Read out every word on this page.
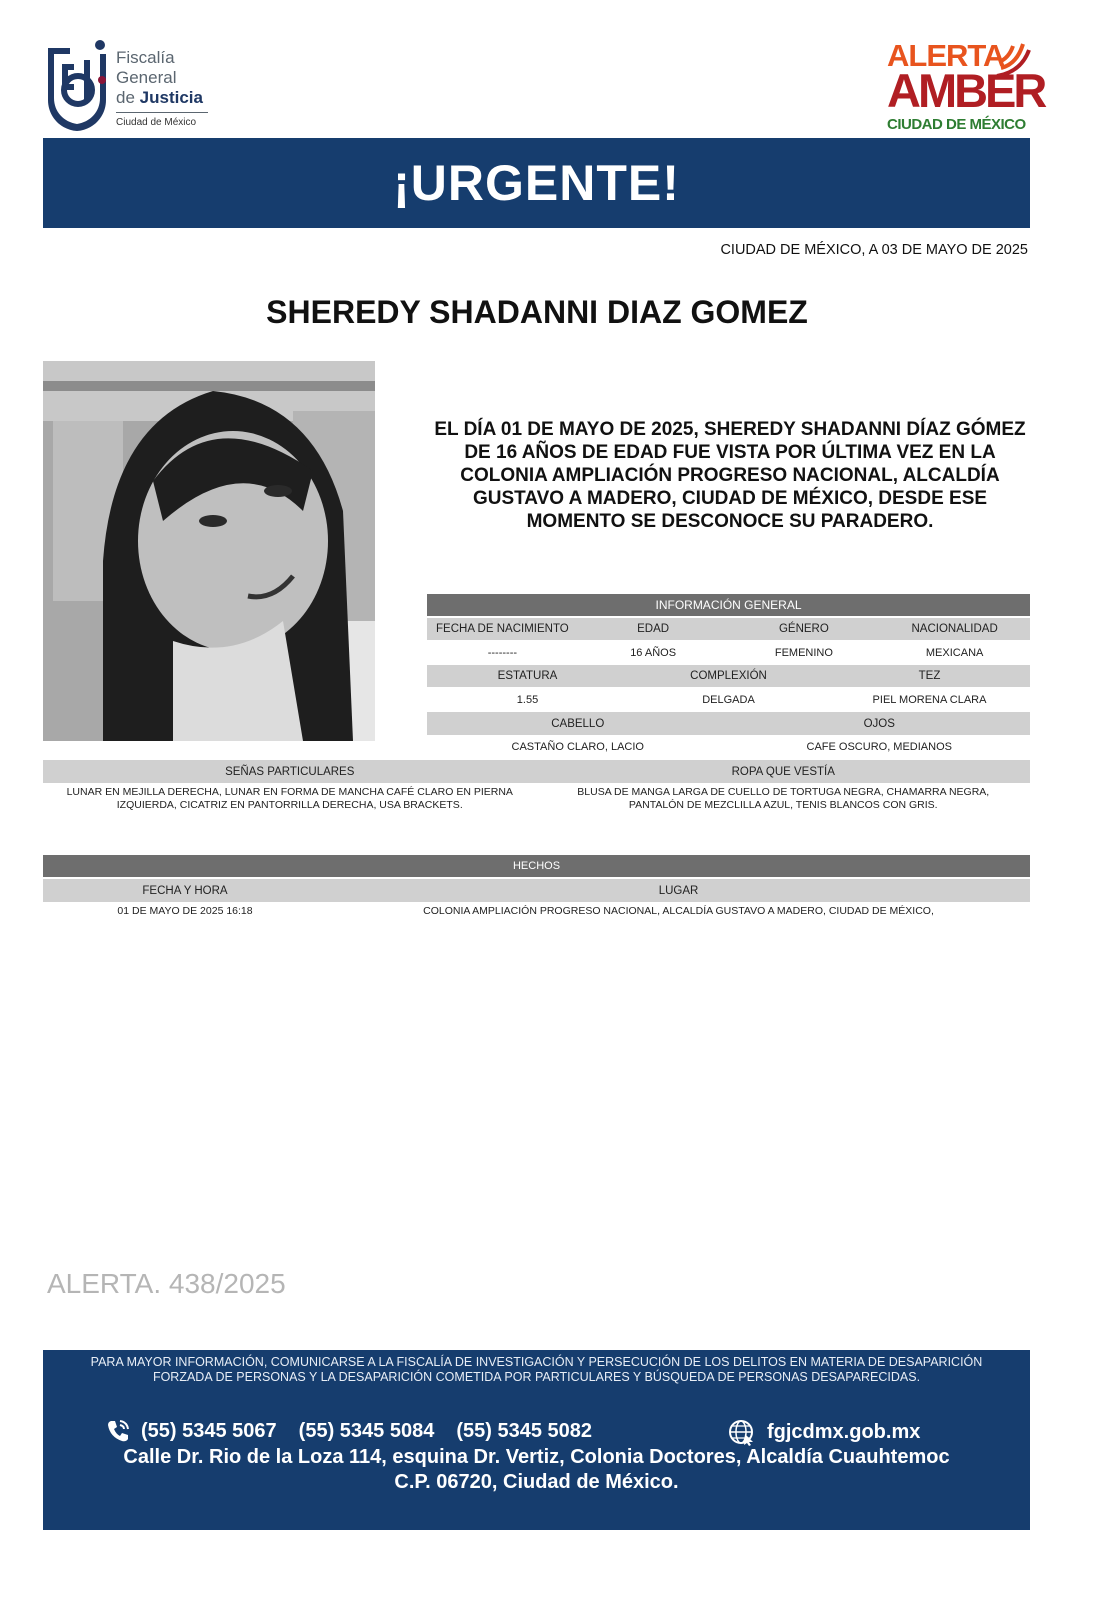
Fiscalía
General
de Justicia
Ciudad de México
ALERTA
AMBER
CIUDAD DE MÉXICO
¡URGENTE!
CIUDAD DE MÉXICO, A 03 DE MAYO DE 2025
SHEREDY SHADANNI DIAZ GOMEZ
EL DÍA 01 DE MAYO DE 2025, SHEREDY SHADANNI DÍAZ GÓMEZ DE 16 AÑOS DE EDAD FUE VISTA POR ÚLTIMA VEZ EN LA COLONIA AMPLIACIÓN PROGRESO NACIONAL, ALCALDÍA GUSTAVO A MADERO, CIUDAD DE MÉXICO, DESDE ESE MOMENTO SE DESCONOCE SU PARADERO.
INFORMACIÓN GENERAL
FECHA DE NACIMIENTO	EDAD	GÉNERO	NACIONALIDAD
--------	16 AÑOS	FEMENINO	MEXICANA
ESTATURA	COMPLEXIÓN	TEZ
1.55	DELGADA	PIEL MORENA CLARA
CABELLO	OJOS
CASTAÑO CLARO, LACIO	CAFE OSCURO, MEDIANOS
SEÑAS PARTICULARES	ROPA QUE VESTÍA
LUNAR EN MEJILLA DERECHA, LUNAR EN FORMA DE MANCHA CAFÉ CLARO EN PIERNA IZQUIERDA, CICATRIZ EN PANTORRILLA DERECHA, USA BRACKETS.
BLUSA DE MANGA LARGA DE CUELLO DE TORTUGA NEGRA, CHAMARRA NEGRA, PANTALÓN DE MEZCLILLA AZUL, TENIS BLANCOS CON GRIS.
HECHOS
FECHA Y HORA	LUGAR
01 DE MAYO DE 2025 16:18	COLONIA AMPLIACIÓN PROGRESO NACIONAL, ALCALDÍA GUSTAVO A MADERO, CIUDAD DE MÉXICO,
ALERTA. 438/2025
PARA MAYOR INFORMACIÓN, COMUNICARSE A LA FISCALÍA DE INVESTIGACIÓN Y PERSECUCIÓN DE LOS DELITOS EN MATERIA DE DESAPARICIÓN FORZADA DE PERSONAS Y LA DESAPARICIÓN COMETIDA POR PARTICULARES Y BÚSQUEDA DE PERSONAS DESAPARECIDAS.
(55) 5345 5067 (55) 5345 5084 (55) 5345 5082	fgjcdmx.gob.mx
Calle Dr. Rio de la Loza 114, esquina Dr. Vertiz, Colonia Doctores, Alcaldía Cuauhtemoc
C.P. 06720, Ciudad de México.
